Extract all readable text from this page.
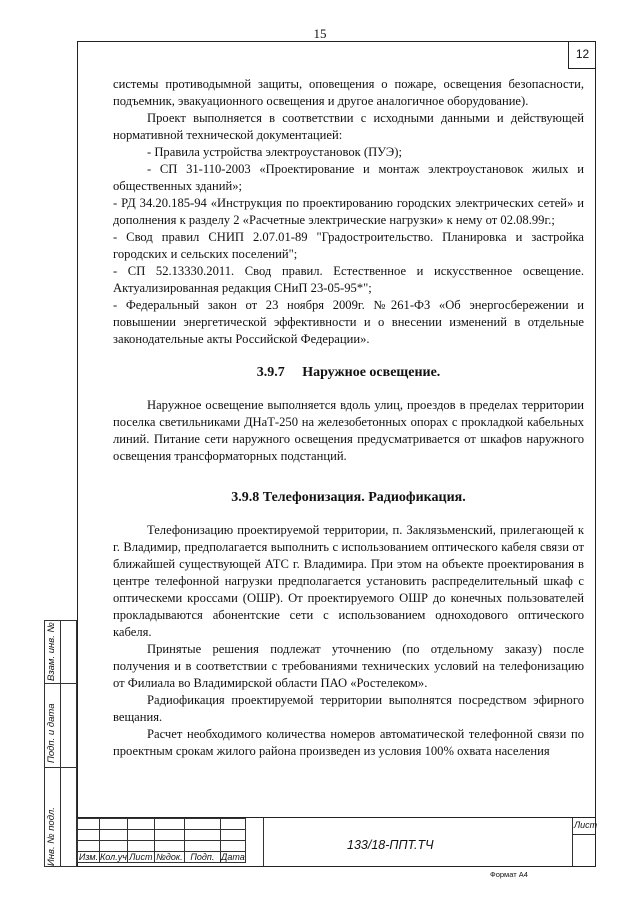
15
12

системы противодымной защиты, оповещения о пожаре, освещения безопасности, подъемник, эвакуационного освещения и другое аналогичное оборудование).

Проект выполняется в соответствии с исходными данными и действующей нормативной технической документацией:

- Правила устройства электроустановок (ПУЭ);

- СП 31-110-2003 «Проектирование и монтаж электроустановок жилых и общественных зданий»;

- РД 34.20.185-94 «Инструкция по проектированию городских электрических сетей» и дополнения к разделу 2 «Расчетные электрические нагрузки» к нему от 02.08.99г.;

- Свод правил СНИП 2.07.01-89 "Градостроительство. Планировка и застройка городских и сельских поселений";

- СП 52.13330.2011. Свод правил. Естественное и искусственное освещение. Актуализированная редакция СНиП 23-05-95*";

- Федеральный закон от 23 ноября 2009г. №261-ФЗ «Об энергосбережении и повышении энергетической эффективности и о внесении изменений в отдельные законодательные акты Российской Федерации».

3.9.7     Наружное освещение.

Наружное освещение выполняется вдоль улиц, проездов в пределах территории поселка светильниками ДНаТ-250 на железобетонных опорах с прокладкой кабельных линий. Питание сети наружного освещения предусматривается от шкафов наружного освещения трансформаторных подстанций.

3.9.8 Телефонизация. Радиофикация.

Телефонизацию проектируемой территории, п. Заклязьменский, прилегающей к г. Владимир, предполагается выполнить с использованием оптического кабеля связи от ближайшей существующей АТС г. Владимира. При этом на объекте проектирования в центре телефонной нагрузки предполагается установить распределительный шкаф с оптическеми кроссами (ОШР). От проектируемого ОШР до конечных пользователей прокладываются абонентские сети с использованием одноходового оптического кабеля.

Принятые решения подлежат уточнению (по отдельному заказу) после получения и в соответствии с требованиями технических условий на телефонизацию от Филиала во Владимирской области ПАО «Ростелеком».

Радиофикация проектируемой территории выполнятся посредством эфирного вещания.

Расчет необходимого количества номеров автоматической телефонной связи по проектным срокам жилого района произведен из условия 100% охвата населения

Взам. инв. №
Подп. и дата
Инв. № подл.

					Изм.	Кол.уч	Лист	№док.	Подп.	Дата
133/18-ППТ.ТЧ
Лист
Формат А4
